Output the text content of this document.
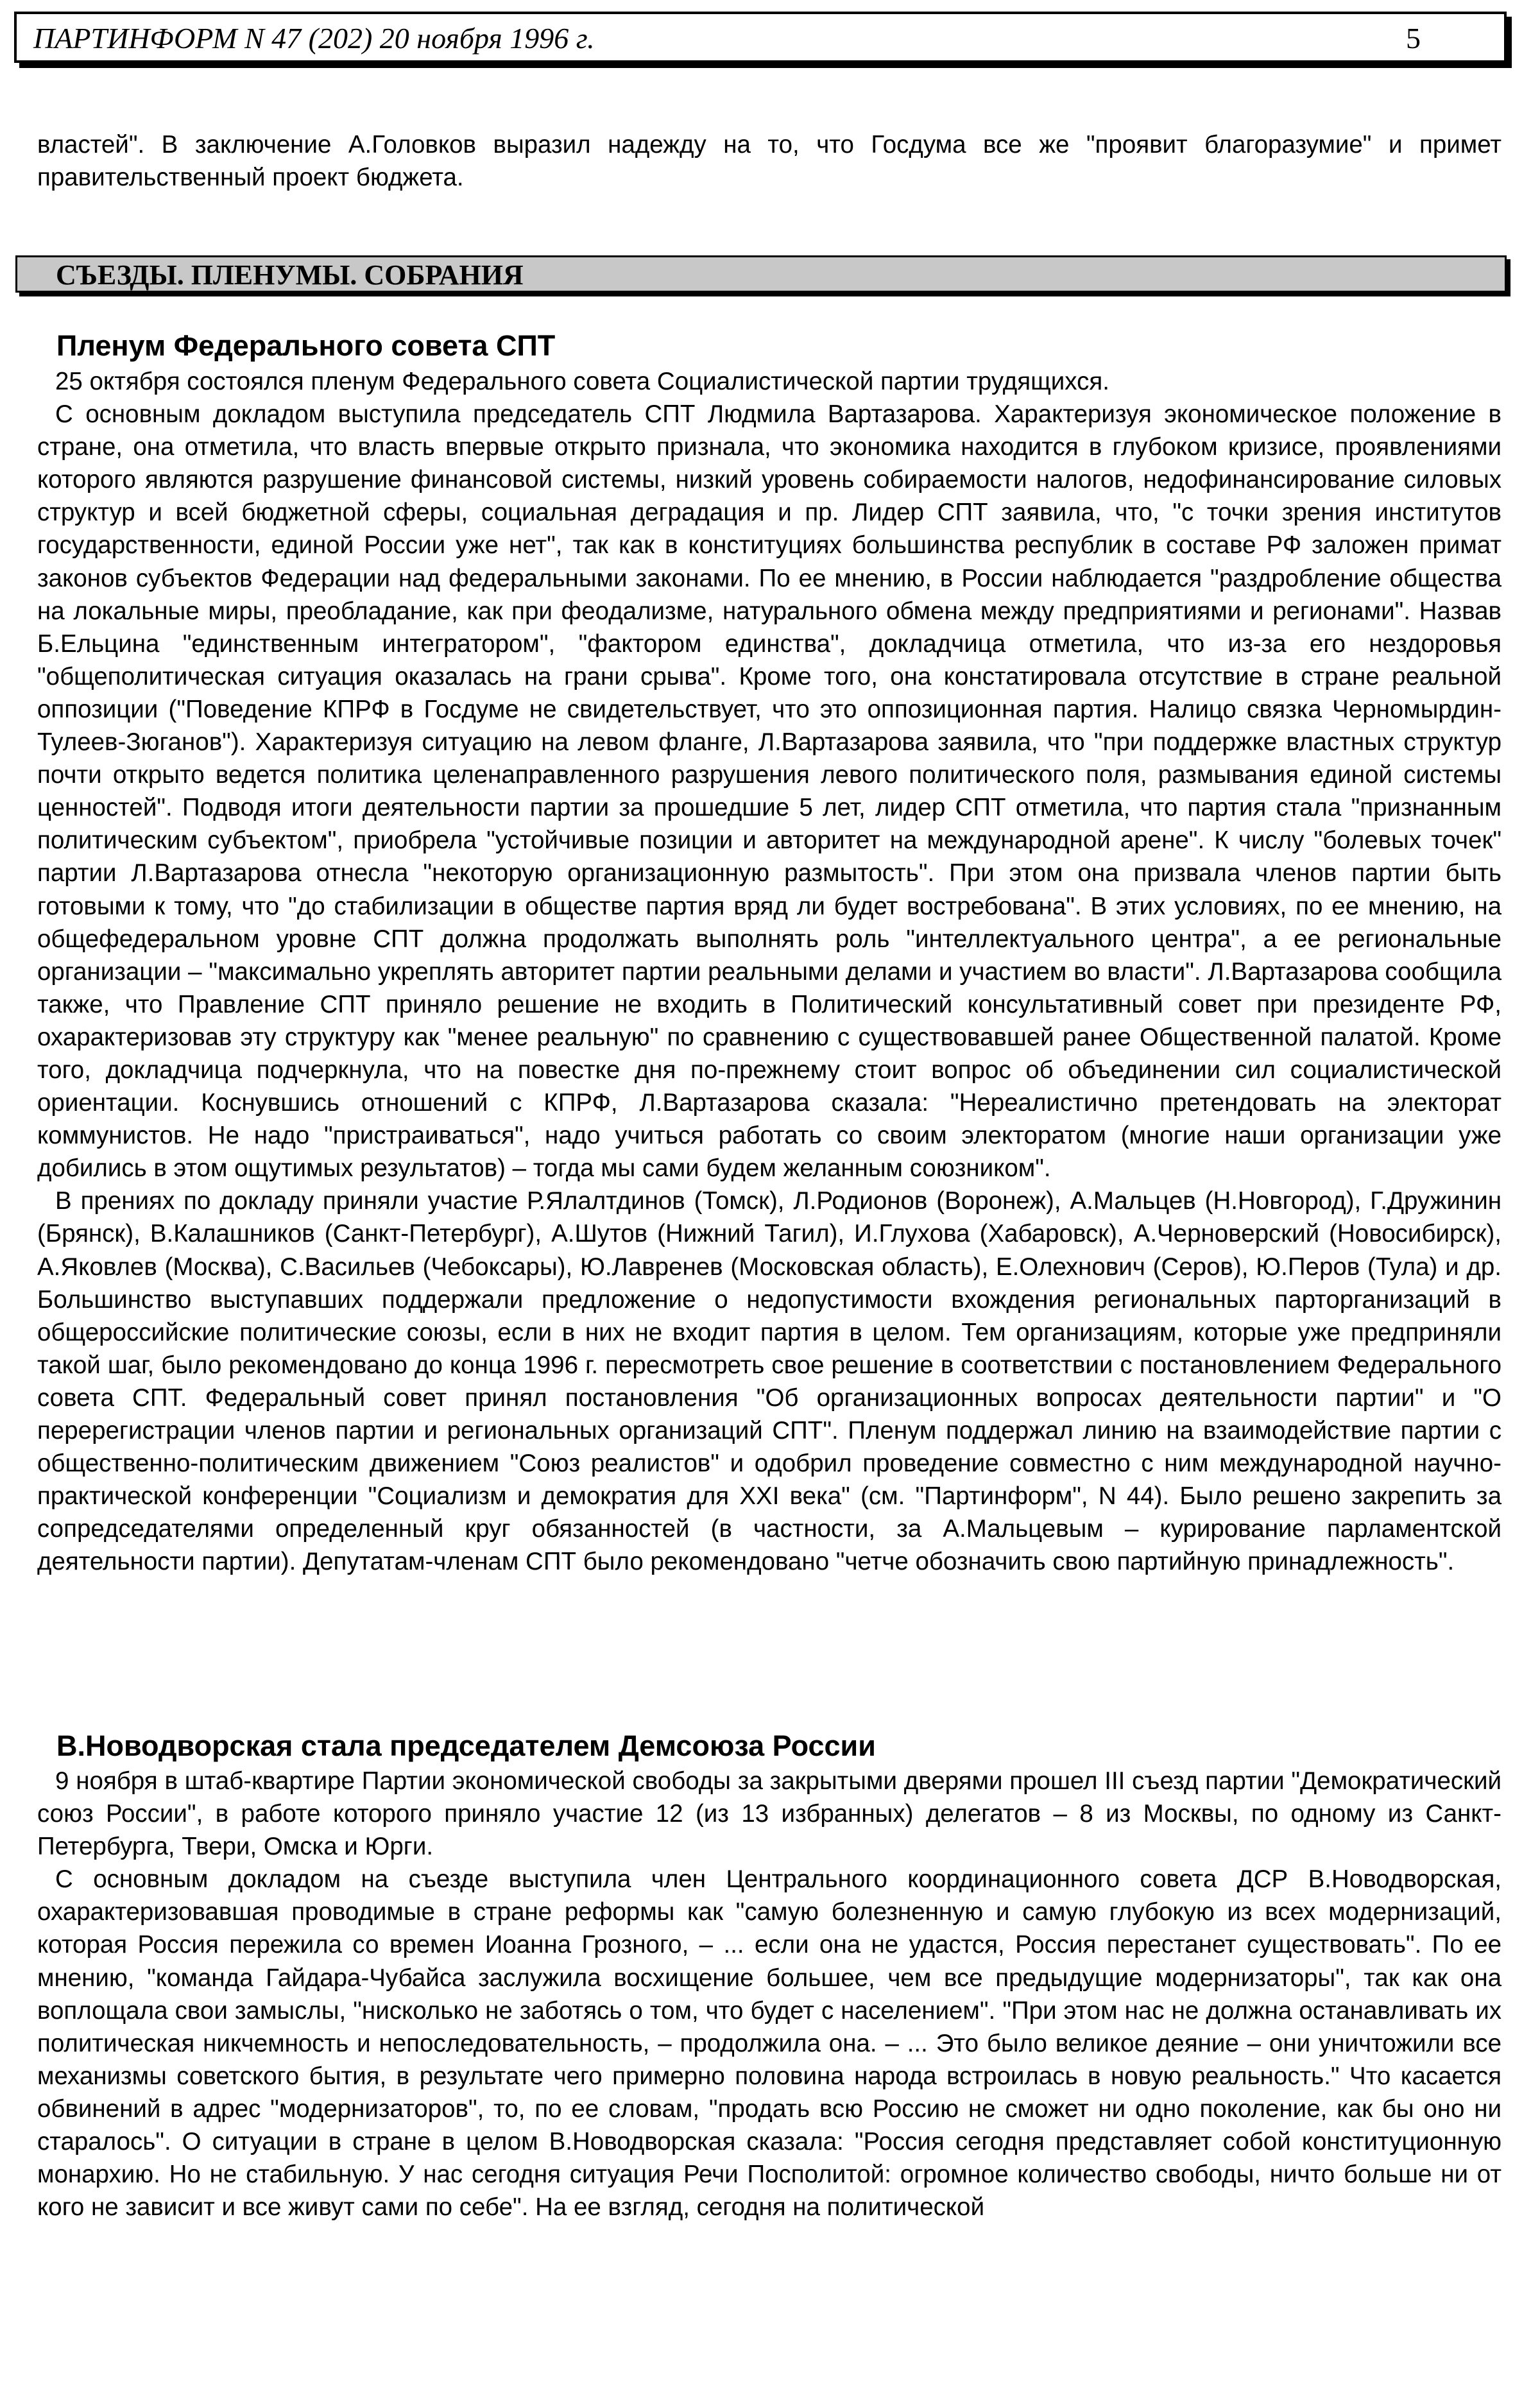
ПАРТИНФОРМ N 47 (202) 20 ноября 1996 г.	5

властей". В заключение А.Головков выразил надежду на то, что Госдума все же "проявит благоразумие" и примет правительственный проект бюджета.

СЪЕЗДЫ. ПЛЕНУМЫ. СОБРАНИЯ
Пленум Федерального совета СПТ

25 октября состоялся пленум Федерального совета Социалистической партии трудящихся.

С основным докладом выступила председатель СПТ Людмила Вартазарова. Характеризуя экономическое положение в стране, она отметила, что власть впервые открыто признала, что экономика находится в глубоком кризисе, проявлениями которого являются разрушение финансовой системы, низкий уровень собираемости налогов, недофинансирование силовых структур и всей бюджетной сферы, социальная деградация и пр. Лидер СПТ заявила, что, "с точки зрения институтов государственности, единой России уже нет", так как в конституциях большинства республик в составе РФ заложен примат законов субъектов Федерации над федеральными законами. По ее мнению, в России наблюдается "раздробление общества на локальные миры, преобладание, как при феодализме, натурального обмена между предприятиями и регионами". Назвав Б.Ельцина "единственным интегратором", "фактором единства", докладчица отметила, что из-за его нездоровья "общеполитическая ситуация оказалась на грани срыва". Кроме того, она констатировала отсутствие в стране реальной оппозиции ("Поведение КПРФ в Госдуме не свидетельствует, что это оппозиционная партия. Налицо связка Черномырдин-Тулеев-Зюганов"). Характеризуя ситуацию на левом фланге, Л.Вартазарова заявила, что "при поддержке властных структур почти открыто ведется политика целенаправленного разрушения левого политического поля, размывания единой системы ценностей". Подводя итоги деятельности партии за прошедшие 5 лет, лидер СПТ отметила, что партия стала "признанным политическим субъектом", приобрела "устойчивые позиции и авторитет на международной арене". К числу "болевых точек" партии Л.Вартазарова отнесла "некоторую организационную размытость". При этом она призвала членов партии быть готовыми к тому, что "до стабилизации в обществе партия вряд ли будет востребована". В этих условиях, по ее мнению, на общефедеральном уровне СПТ должна продолжать выполнять роль "интеллектуального центра", а ее региональные организации – "максимально укреплять авторитет партии реальными делами и участием во власти". Л.Вартазарова сообщила также, что Правление СПТ приняло решение не входить в Политический консультативный совет при президенте РФ, охарактеризовав эту структуру как "менее реальную" по сравнению с существовавшей ранее Общественной палатой. Кроме того, докладчица подчеркнула, что на повестке дня по-прежнему стоит вопрос об объединении сил социалистической ориентации. Коснувшись отношений с КПРФ, Л.Вартазарова сказала: "Нереалистично претендовать на электорат коммунистов. Не надо "пристраиваться", надо учиться работать со своим электоратом (многие наши организации уже добились в этом ощутимых результатов) – тогда мы сами будем желанным союзником".

В прениях по докладу приняли участие Р.Ялалтдинов (Томск), Л.Родионов (Воронеж), А.Мальцев (Н.Новгород), Г.Дружинин (Брянск), В.Калашников (Санкт-Петербург), А.Шутов (Нижний Тагил), И.Глухова (Хабаровск), А.Черноверский (Новосибирск), А.Яковлев (Москва), С.Васильев (Чебоксары), Ю.Лавренев (Московская область), Е.Олехнович (Серов), Ю.Перов (Тула) и др. Большинство выступавших поддержали предложение о недопустимости вхождения региональных парторганизаций в общероссийские политические союзы, если в них не входит партия в целом. Тем организациям, которые уже предприняли такой шаг, было рекомендовано до конца 1996 г. пересмотреть свое решение в соответствии с постановлением Федерального совета СПТ. Федеральный совет принял постановления "Об организационных вопросах деятельности партии" и "О перерегистрации членов партии и региональных организаций СПТ". Пленум поддержал линию на взаимодействие партии с общественно-политическим движением "Союз реалистов" и одобрил проведение совместно с ним международной научно-практической конференции "Социализм и демократия для XXI века" (см. "Партинформ", N 44). Было решено закрепить за сопредседателями определенный круг обязанностей (в частности, за А.Мальцевым – курирование парламентской деятельности партии). Депутатам-членам СПТ было рекомендовано "четче обозначить свою партийную принадлежность".

В.Новодворская стала председателем Демсоюза России

9 ноября в штаб-квартире Партии экономической свободы за закрытыми дверями прошел III съезд партии "Демократический союз России", в работе которого приняло участие 12 (из 13 избранных) делегатов – 8 из Москвы, по одному из Санкт-Петербурга, Твери, Омска и Юрги.

С основным докладом на съезде выступила член Центрального координационного совета ДСР В.Новодворская, охарактеризовавшая проводимые в стране реформы как "самую болезненную и самую глубокую из всех модернизаций, которая Россия пережила со времен Иоанна Грозного, – ... если она не удастся, Россия перестанет существовать". По ее мнению, "команда Гайдара-Чубайса заслужила восхищение большее, чем все предыдущие модернизаторы", так как она воплощала свои замыслы, "нисколько не заботясь о том, что будет с населением". "При этом нас не должна останавливать их политическая никчемность и непоследовательность, – продолжила она. – ... Это было великое деяние – они уничтожили все механизмы советского бытия, в результате чего примерно половина народа встроилась в новую реальность." Что касается обвинений в адрес "модернизаторов", то, по ее словам, "продать всю Россию не сможет ни одно поколение, как бы оно ни старалось". О ситуации в стране в целом В.Новодворская сказала: "Россия сегодня представляет собой конституционную монархию. Но не стабильную. У нас сегодня ситуация Речи Посполитой: огромное количество свободы, ничто больше ни от кого не зависит и все живут сами по себе". На ее взгляд, сегодня на политической
